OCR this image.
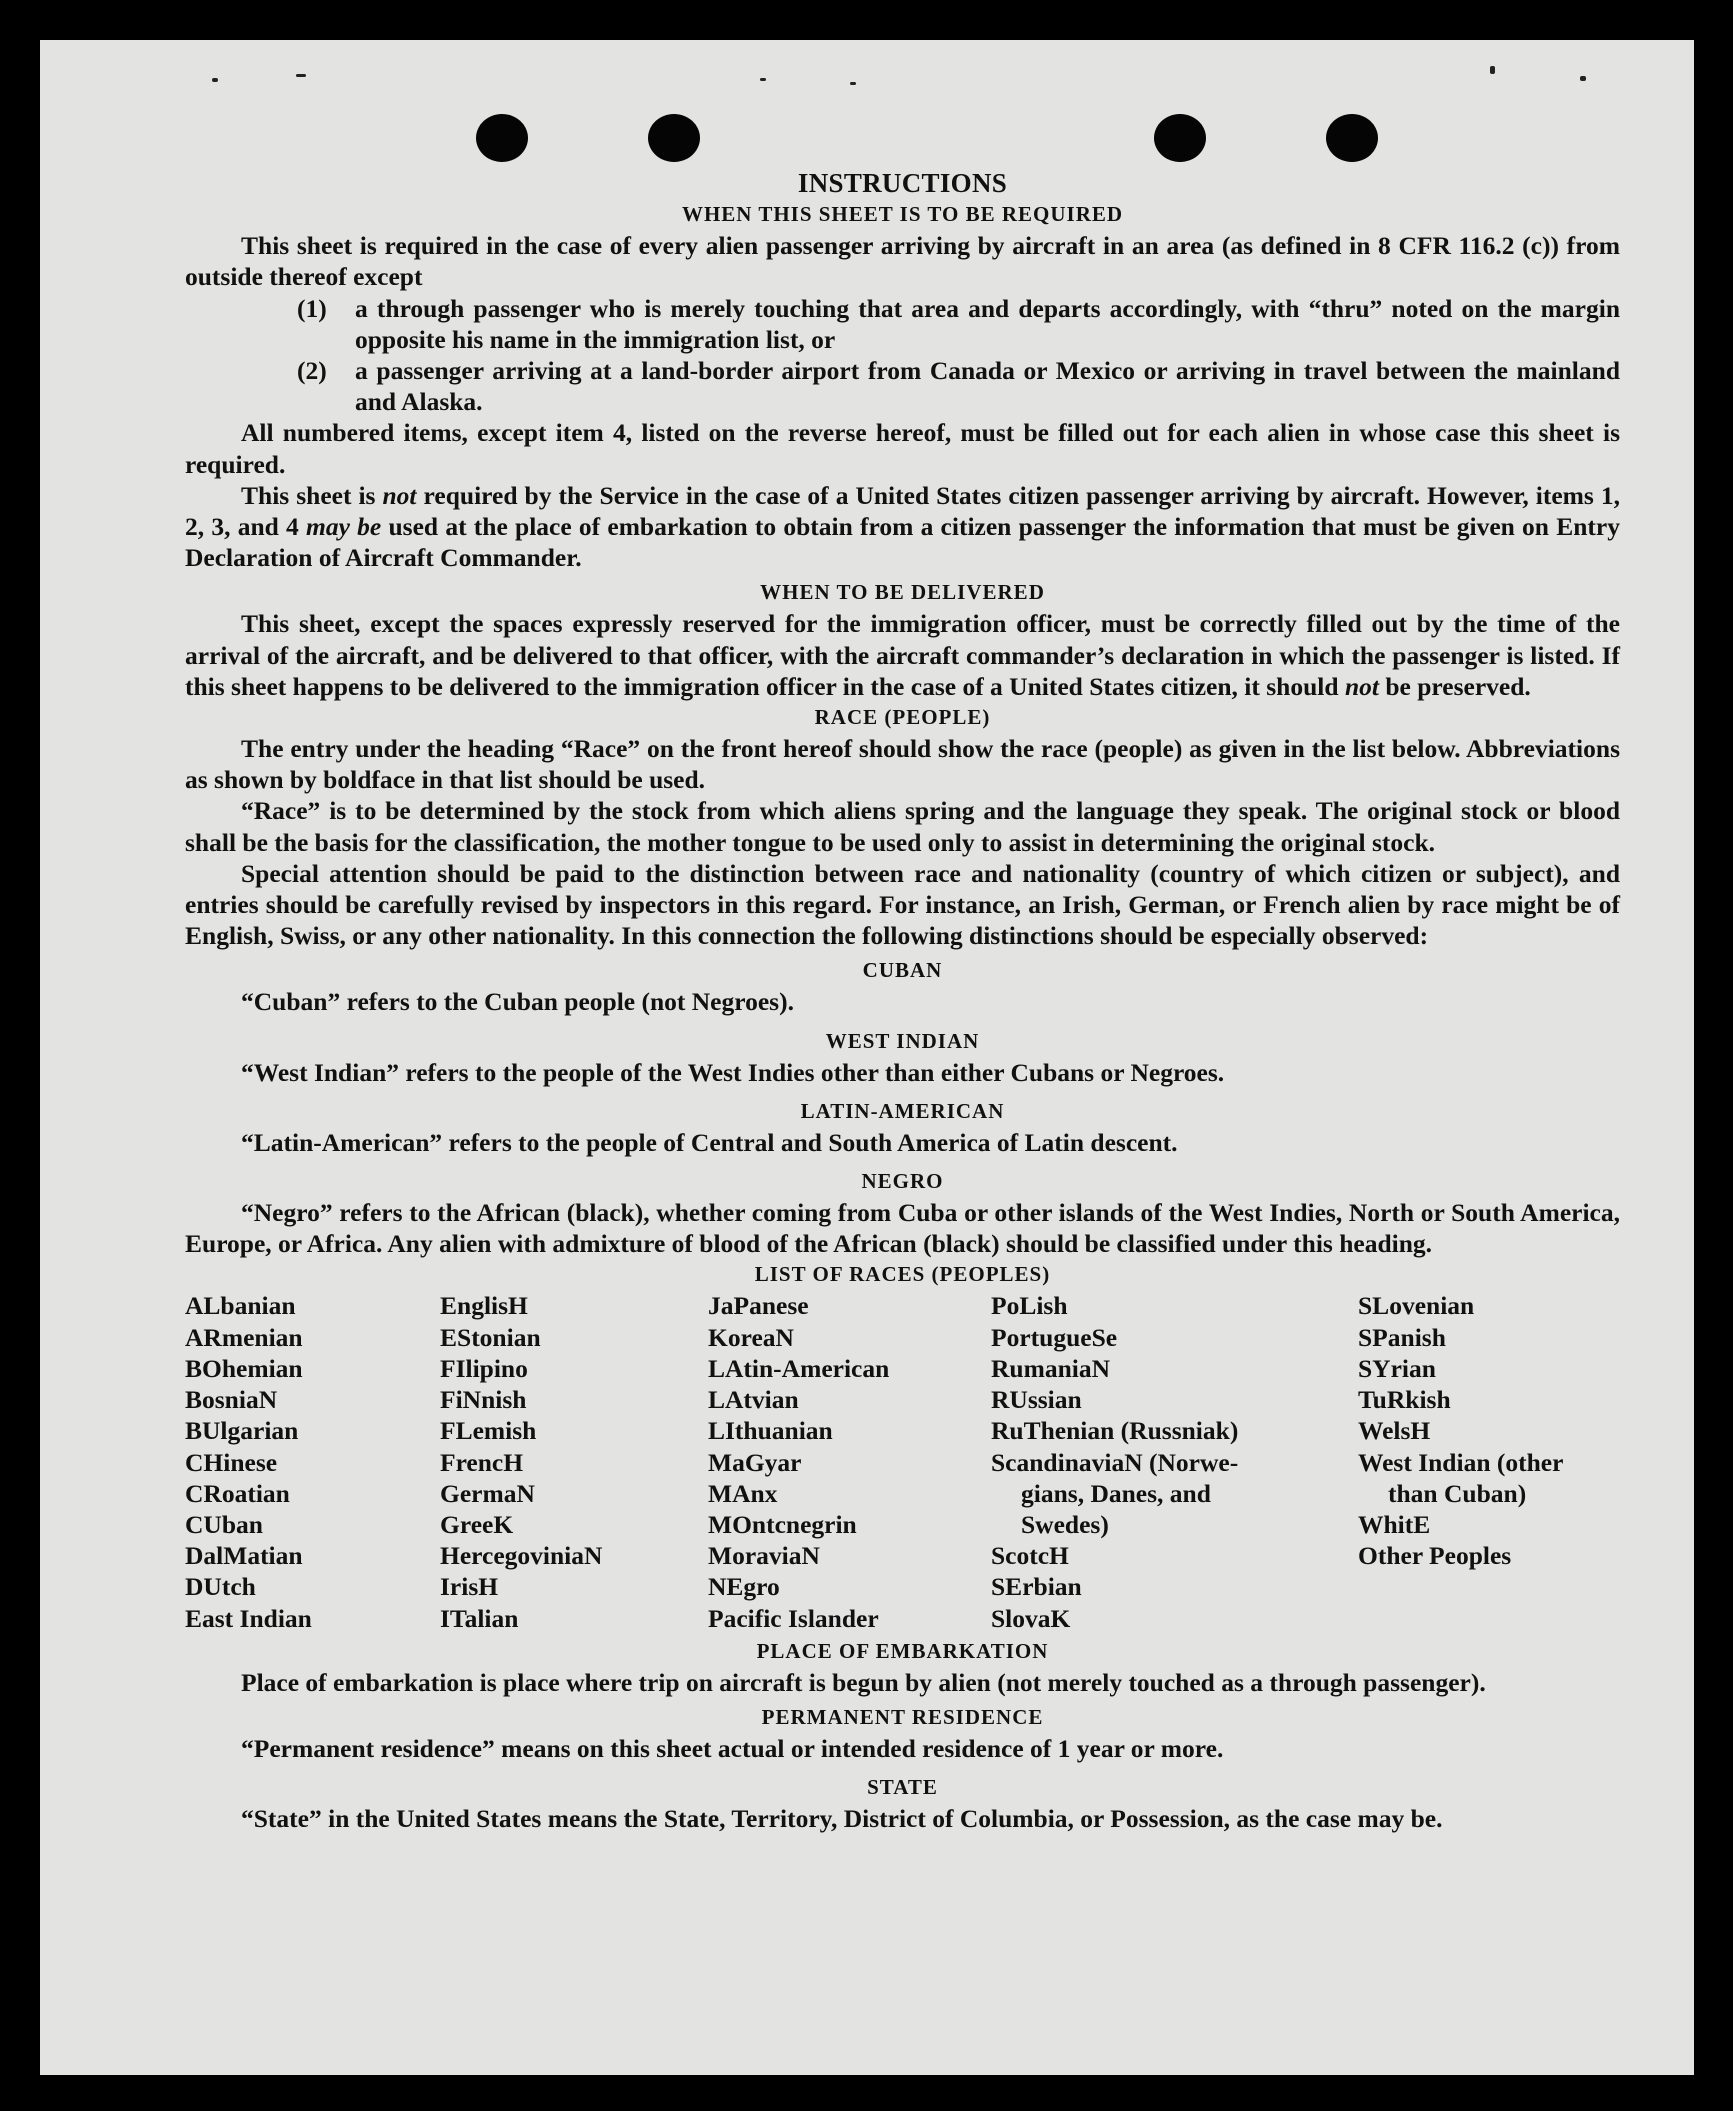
INSTRUCTIONS
WHEN THIS SHEET IS TO BE REQUIRED

This sheet is required in the case of every alien passenger arriving by aircraft in an area (as defined in 8 CFR 116.2 (c)) from outside thereof except

(1)	a through passenger who is merely touching that area and departs accordingly, with “thru” noted on the margin opposite his name in the immigration list, or
(2)	a passenger arriving at a land-border airport from Canada or Mexico or arriving in travel between the mainland and Alaska.

All numbered items, except item 4, listed on the reverse hereof, must be filled out for each alien in whose case this sheet is required.

This sheet is not required by the Service in the case of a United States citizen passenger arriving by aircraft. However, items 1, 2, 3, and 4 may be used at the place of embarkation to obtain from a citizen passenger the information that must be given on Entry Declaration of Aircraft Commander.

WHEN TO BE DELIVERED

This sheet, except the spaces expressly reserved for the immigration officer, must be correctly filled out by the time of the arrival of the aircraft, and be delivered to that officer, with the aircraft commander’s declaration in which the passenger is listed. If this sheet happens to be delivered to the immigration officer in the case of a United States citizen, it should not be preserved.

RACE (PEOPLE)

The entry under the heading “Race” on the front hereof should show the race (people) as given in the list below. Abbreviations as shown by boldface in that list should be used.

“Race” is to be determined by the stock from which aliens spring and the language they speak. The original stock or blood shall be the basis for the classification, the mother tongue to be used only to assist in determining the original stock.

Special attention should be paid to the distinction between race and nationality (country of which citizen or subject), and entries should be carefully revised by inspectors in this regard. For instance, an Irish, German, or French alien by race might be of English, Swiss, or any other nationality. In this connection the following distinctions should be especially observed:

CUBAN

“Cuban” refers to the Cuban people (not Negroes).

WEST INDIAN

“West Indian” refers to the people of the West Indies other than either Cubans or Negroes.

LATIN-AMERICAN

“Latin-American” refers to the people of Central and South America of Latin descent.

NEGRO

“Negro” refers to the African (black), whether coming from Cuba or other islands of the West Indies, North or South America, Europe, or Africa. Any alien with admixture of blood of the African (black) should be classified under this heading.

LIST OF RACES (PEOPLES)
ALbanian
ARmenian
BOhemian
BosniaN
BUlgarian
CHinese
CRoatian
CUban
DalMatian
DUtch
East Indian
EnglisH
EStonian
FIlipino
FiNnish
FLemish
FrencH
GermaN
GreeK
HercegoviniaN
IrisH
ITalian
JaPanese
KoreaN
LAtin-American
LAtvian
LIthuanian
MaGyar
MAnx
MOntcnegrin
MoraviaN
NEgro
Pacific Islander
PoLish
PortugueSe
RumaniaN
RUssian
RuThenian (Russniak)
ScandinaviaN (Norwe-
gians, Danes, and
Swedes)
ScotcH
SErbian
SlovaK
SLovenian
SPanish
SYrian
TuRkish
WelsH
West Indian (other
than Cuban)
WhitE
Other Peoples
PLACE OF EMBARKATION

Place of embarkation is place where trip on aircraft is begun by alien (not merely touched as a through passenger).

PERMANENT RESIDENCE

“Permanent residence” means on this sheet actual or intended residence of 1 year or more.

STATE

“State” in the United States means the State, Territory, District of Columbia, or Possession, as the case may be.
